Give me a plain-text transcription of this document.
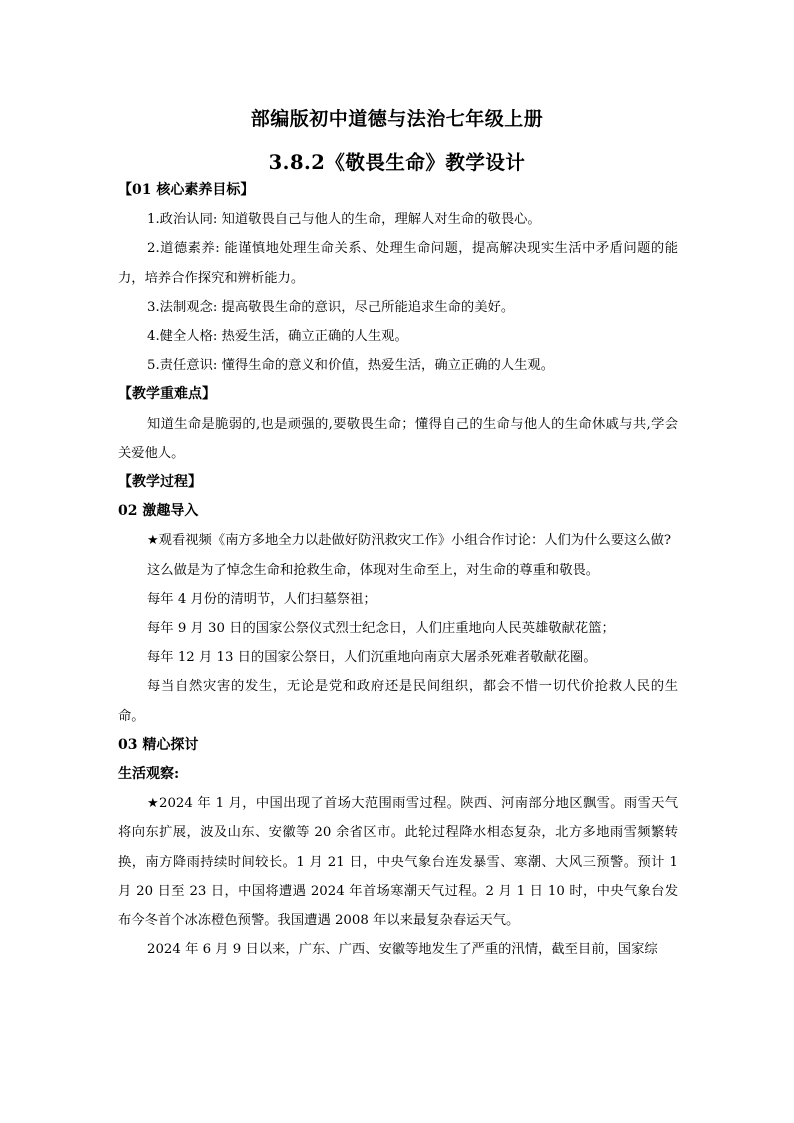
部编版初中道德与法治七年级上册
3.8.2《敬畏生命》教学设计

【01 核心素养目标】

1.政治认同: 知道敬畏自己与他人的生命，理解人对生命的敬畏心。

2.道德素养: 能谨慎地处理生命关系、处理生命问题，提高解决现实生活中矛盾问题的能力，培养合作探究和辨析能力。

3.法制观念: 提高敬畏生命的意识，尽己所能追求生命的美好。

4.健全人格: 热爱生活，确立正确的人生观。

5.责任意识: 懂得生命的意义和价值，热爱生活，确立正确的人生观。

【教学重难点】

知道生命是脆弱的,也是顽强的,要敬畏生命；懂得自己的生命与他人的生命休戚与共,学会关爱他人。

【教学过程】

02 激趣导入

★观看视频《南方多地全力以赴做好防汛救灾工作》小组合作讨论：人们为什么要这么做?

这么做是为了悼念生命和抢救生命，体现对生命至上，对生命的尊重和敬畏。

每年 4 月份的清明节，人们扫墓祭祖；

每年 9 月 30 日的国家公祭仪式烈士纪念日，人们庄重地向人民英雄敬献花篮；

每年 12 月 13 日的国家公祭日，人们沉重地向南京大屠杀死难者敬献花圈。

每当自然灾害的发生，无论是党和政府还是民间组织，都会不惜一切代价抢救人民的生命。

03 精心探讨

生活观察:

★2024 年 1 月，中国出现了首场大范围雨雪过程。陕西、河南部分地区飘雪。雨雪天气将向东扩展，波及山东、安徽等 20 余省区市。此轮过程降水相态复杂，北方多地雨雪频繁转换，南方降雨持续时间较长。1 月 21 日，中央气象台连发暴雪、寒潮、大风三预警。预计 1 月 20 日至 23 日，中国将遭遇 2024 年首场寒潮天气过程。2 月 1 日 10 时，中央气象台发布今冬首个冰冻橙色预警。我国遭遇 2008 年以来最复杂春运天气。

2024 年 6 月 9 日以来，广东、广西、安徽等地发生了严重的汛情，截至目前，国家综
